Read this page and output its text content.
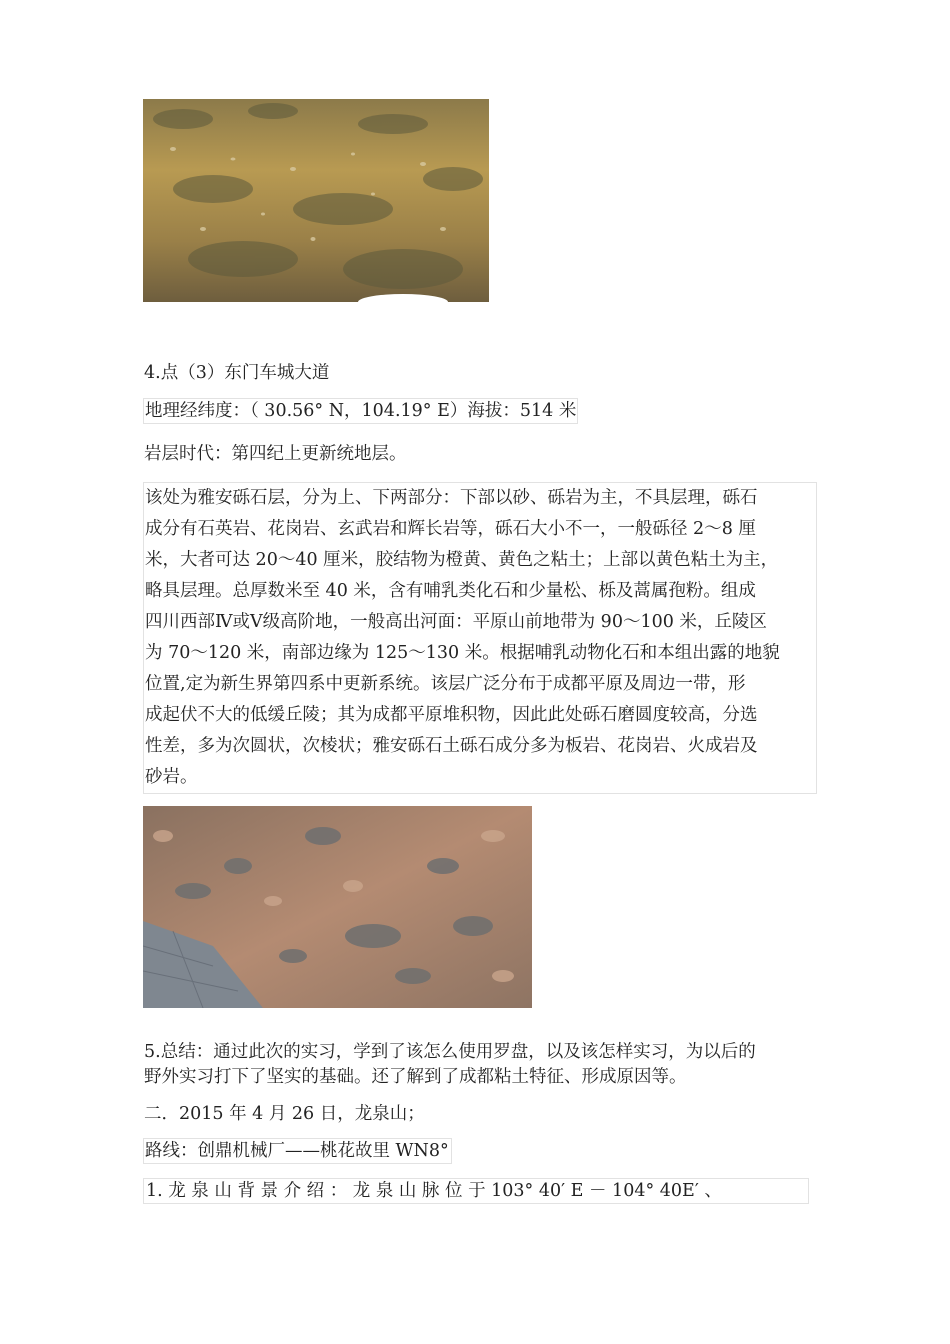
4.点（3）东门车城大道
地理经纬度：（ 30.56° N，104.19° E）海拔：514 米
岩层时代：第四纪上更新统地层。
该处为雅安砾石层，分为上、下两部分：下部以砂、砾岩为主，不具层理，砾石
成分有石英岩、花岗岩、玄武岩和辉长岩等，砾石大小不一，一般砾径 2～8 厘
米，大者可达 20～40 厘米，胶结物为橙黄、黄色之粘土；上部以黄色粘土为主，
略具层理。总厚数米至 40 米，含有哺乳类化石和少量松、栎及蒿属孢粉。组成
四川西部Ⅳ或Ⅴ级高阶地，一般高出河面：平原山前地带为 90～100 米，丘陵区
为 70～120 米，南部边缘为 125～130 米。根据哺乳动物化石和本组出露的地貌
位置,定为新生界第四系中更新系统。该层广泛分布于成都平原及周边一带，形
成起伏不大的低缓丘陵；其为成都平原堆积物，因此此处砾石磨圆度较高，分选
性差，多为次圆状，次棱状；雅安砾石土砾石成分多为板岩、花岗岩、火成岩及
砂岩。
5.总结：通过此次的实习，学到了该怎么使用罗盘，以及该怎样实习，为以后的
野外实习打下了坚实的基础。还了解到了成都粘土特征、形成原因等。
二．2015 年 4 月 26 日，龙泉山；
路线：创鼎机械厂——桃花故里 WN8°
1. 龙 泉 山 背 景 介 绍 ： 龙 泉 山 脉 位 于 103° 40′ E － 104° 40E′ 、
